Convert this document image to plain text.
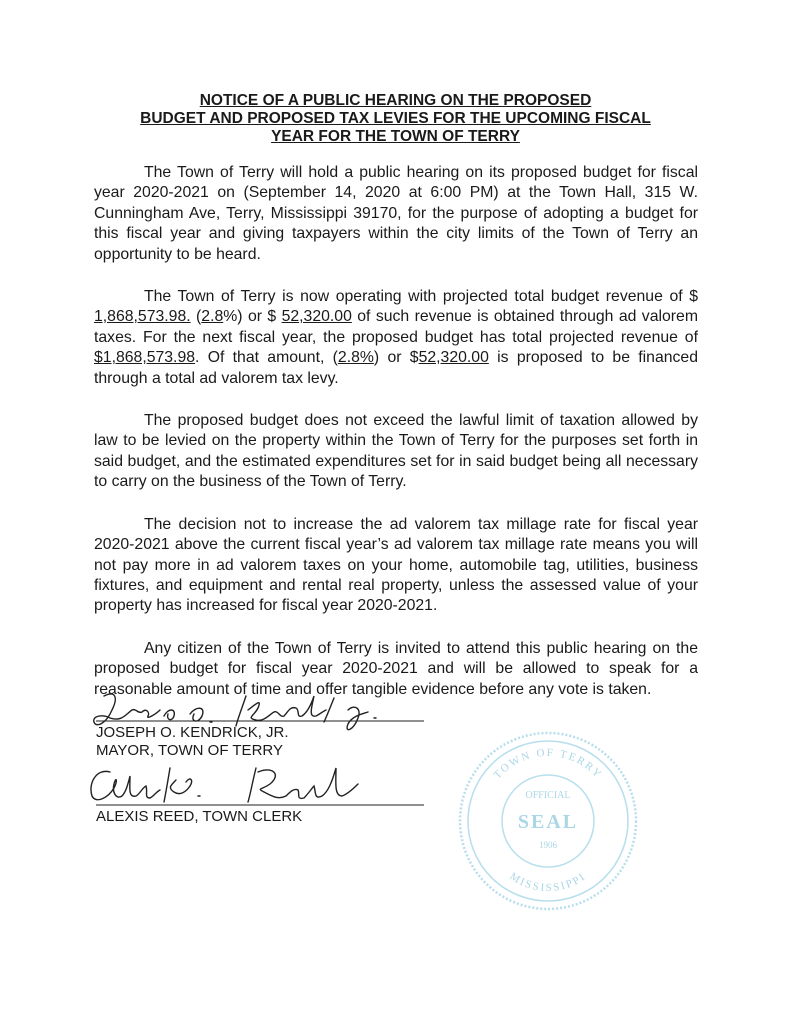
NOTICE OF A PUBLIC HEARING ON THE PROPOSED
BUDGET AND PROPOSED TAX LEVIES FOR THE UPCOMING FISCAL
YEAR FOR THE TOWN OF TERRY

The Town of Terry will hold a public hearing on its proposed budget for fiscal year 2020-2021 on (September 14, 2020 at 6:00 PM) at the Town Hall, 315 W. Cunningham Ave, Terry, Mississippi 39170, for the purpose of adopting a budget for this fiscal year and giving taxpayers within the city limits of the Town of Terry an opportunity to be heard.

The Town of Terry is now operating with projected total budget revenue of $ 1,868,573.98. (2.8%) or $ 52,320.00 of such revenue is obtained through ad valorem taxes. For the next fiscal year, the proposed budget has total projected revenue of $1,868,573.98. Of that amount, (2.8%) or $52,320.00 is proposed to be financed through a total ad valorem tax levy.

The proposed budget does not exceed the lawful limit of taxation allowed by law to be levied on the property within the Town of Terry for the purposes set forth in said budget, and the estimated expenditures set for in said budget being all necessary to carry on the business of the Town of Terry.

The decision not to increase the ad valorem tax millage rate for fiscal year 2020-2021 above the current fiscal year’s ad valorem tax millage rate means you will not pay more in ad valorem taxes on your home, automobile tag, utilities, business fixtures, and equipment and rental real property, unless the assessed value of your property has increased for fiscal year 2020-2021.

Any citizen of the Town of Terry is invited to attend this public hearing on the proposed budget for fiscal year 2020-2021 and will be allowed to speak for a reasonable amount of time and offer tangible evidence before any vote is taken.

JOSEPH O. KENDRICK, JR.
MAYOR, TOWN OF TERRY
ALEXIS REED, TOWN CLERK
TOWN OF TERRY
MISSISSIPPI
OFFICIAL
SEAL
1906
